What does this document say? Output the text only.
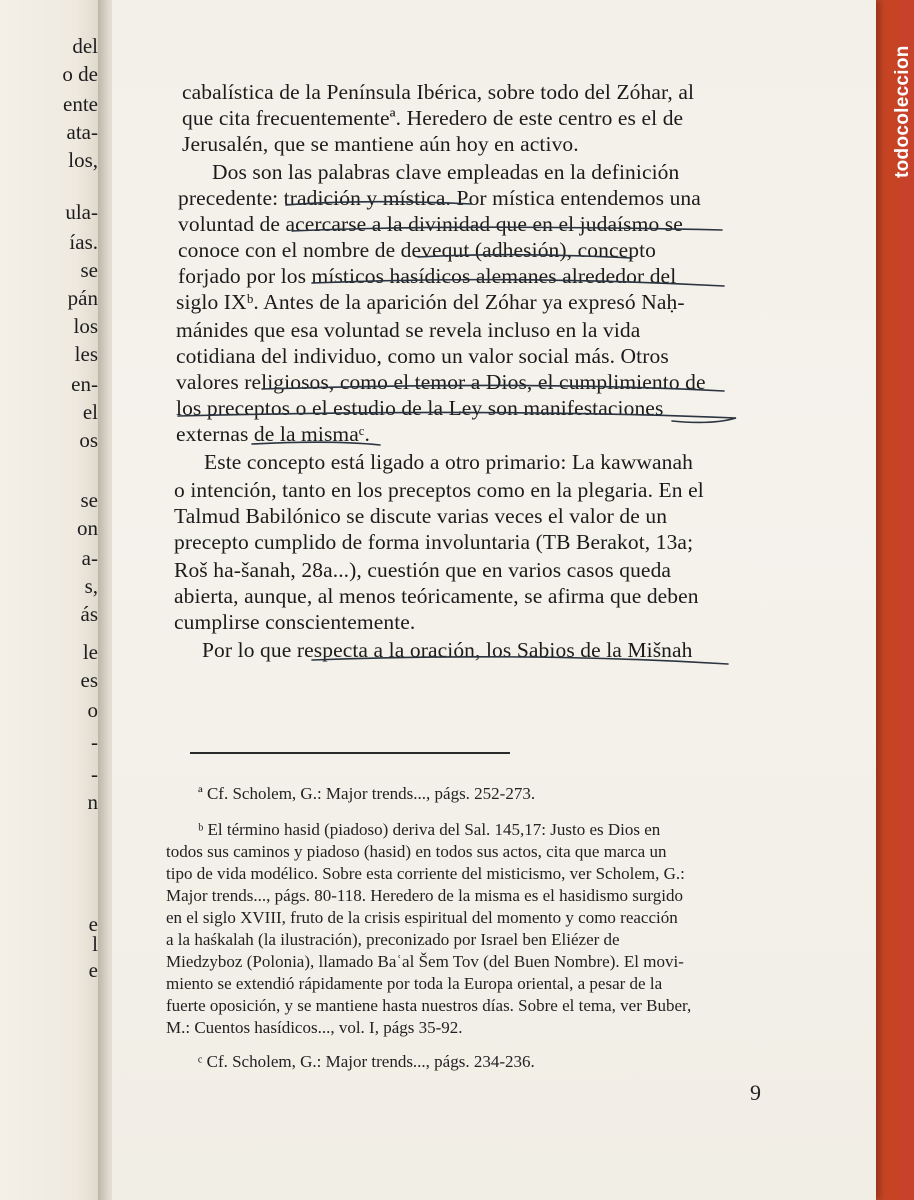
del
o de
ente
ata-
los,
ula-
ías.
se
pán
los
les
en-
el
os
se
on
a-
s,
ás
le
es
o
-
-
n
e
l
e
cabalística de la Península Ibérica, sobre todo del Zóhar, al
que cita frecuentementeª. Heredero de este centro es el de
Jerusalén, que se mantiene aún hoy en activo.
Dos son las palabras clave empleadas en la definición
precedente: tradición y mística. Por mística entendemos una
voluntad de acercarse a la divinidad que en el judaísmo se
conoce con el nombre de devequt (adhesión), concepto
forjado por los místicos hasídicos alemanes alrededor del
siglo IXᵇ. Antes de la aparición del Zóhar ya expresó Naḥ-
mánides que esa voluntad se revela incluso en la vida
cotidiana del individuo, como un valor social más. Otros
valores religiosos, como el temor a Dios, el cumplimiento de
los preceptos o el estudio de la Ley son manifestaciones
externas de la mismaᶜ.
Este concepto está ligado a otro primario: La kawwanah
o intención, tanto en los preceptos como en la plegaria. En el
Talmud Babilónico se discute varias veces el valor de un
precepto cumplido de forma involuntaria (TB Berakot, 13a;
Roš ha-šanah, 28a...), cuestión que en varios casos queda
abierta, aunque, al menos teóricamente, se afirma que deben
cumplirse conscientemente.
Por lo que respecta a la oración, los Sabios de la Mišnah
ª Cf. Scholem, G.: Major trends..., págs. 252-273.
ᵇ El término hasid (piadoso) deriva del Sal. 145,17: Justo es Dios en
todos sus caminos y piadoso (hasid) en todos sus actos, cita que marca un
tipo de vida modélico. Sobre esta corriente del misticismo, ver Scholem, G.:
Major trends..., págs. 80-118. Heredero de la misma es el hasidismo surgido
en el siglo XVIII, fruto de la crisis espiritual del momento y como reacción
a la haśkalah (la ilustración), preconizado por Israel ben Eliézer de
Miedzyboz (Polonia), llamado Baʿal Šem Tov (del Buen Nombre). El movi-
miento se extendió rápidamente por toda la Europa oriental, a pesar de la
fuerte oposición, y se mantiene hasta nuestros días. Sobre el tema, ver Buber,
M.: Cuentos hasídicos..., vol. I, págs 35-92.
ᶜ Cf. Scholem, G.: Major trends..., págs. 234-236.
9
todocoleccion
